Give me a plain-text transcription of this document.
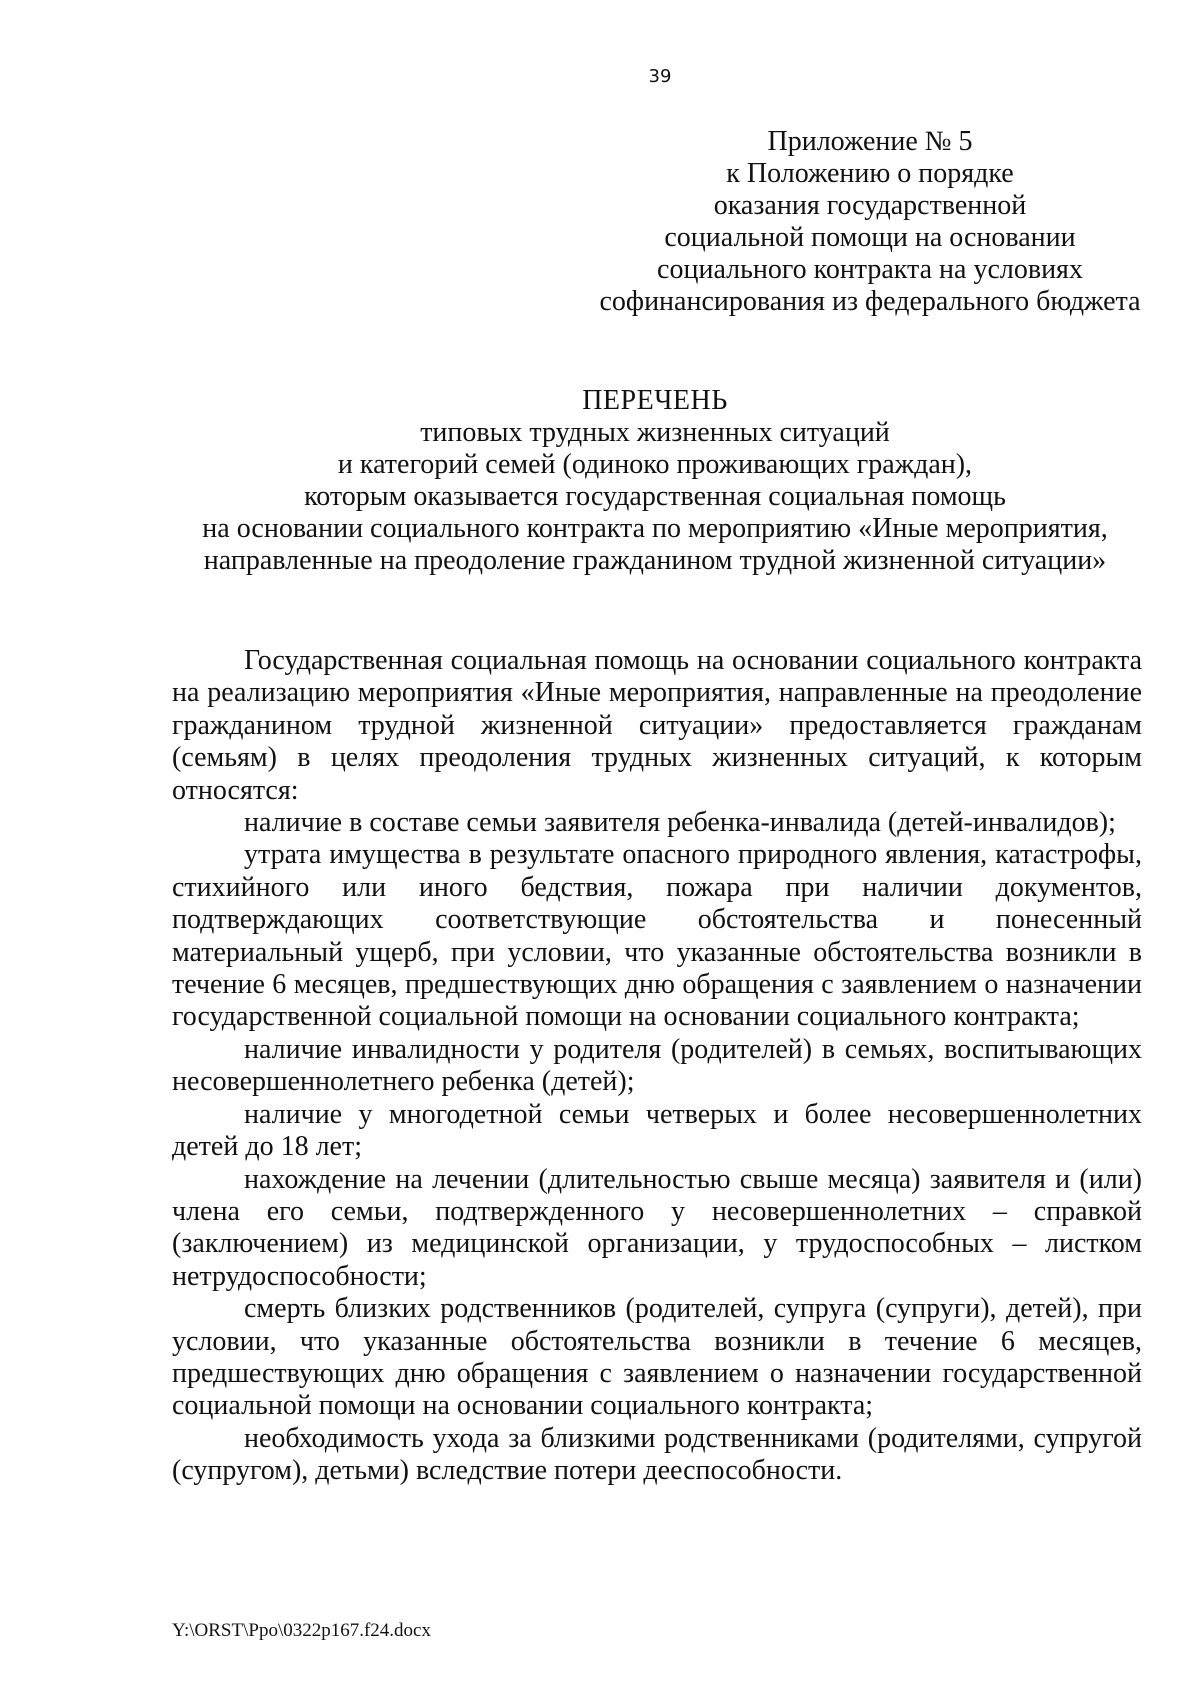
39
Приложение № 5
к Положению о порядке
оказания государственной
социальной помощи на основании
социального контракта на условиях
софинансирования из федерального бюджета
ПЕРЕЧЕНЬ
типовых трудных жизненных ситуаций
и категорий семей (одиноко проживающих граждан),
которым оказывается государственная социальная помощь
на основании социального контракта по мероприятию «Иные мероприятия,
направленные на преодоление гражданином трудной жизненной ситуации»

Государственная социальная помощь на основании социального контракта на реализацию мероприятия «Иные мероприятия, направленные на преодоление гражданином трудной жизненной ситуации» предоставляется гражданам (семьям) в целях преодоления трудных жизненных ситуаций, к которым относятся:

наличие в составе семьи заявителя ребенка-инвалида (детей-инвалидов);

утрата имущества в результате опасного природного явления, катастрофы, стихийного или иного бедствия, пожара при наличии документов, подтверждающих соответствующие обстоятельства и понесенный материальный ущерб, при условии, что указанные обстоятельства возникли в течение 6 месяцев, предшествующих дню обращения с заявлением о назначении государственной социальной помощи на основании социального контракта;

наличие инвалидности у родителя (родителей) в семьях, воспитывающих несовершеннолетнего ребенка (детей);

наличие у многодетной семьи четверых и более несовершеннолетних детей до 18 лет;

нахождение на лечении (длительностью свыше месяца) заявителя и (или) члена его семьи, подтвержденного у несовершеннолетних – справкой (заключением) из медицинской организации, у трудоспособных – листком нетрудоспособности;

смерть близких родственников (родителей, супруга (супруги), детей), при условии, что указанные обстоятельства возникли в течение 6 месяцев, предшествующих дню обращения с заявлением о назначении государственной социальной помощи на основании социального контракта;

необходимость ухода за близкими родственниками (родителями, супругой (супругом), детьми) вследствие потери дееспособности.

Y:\ORST\Ppo\0322p167.f24.docx
